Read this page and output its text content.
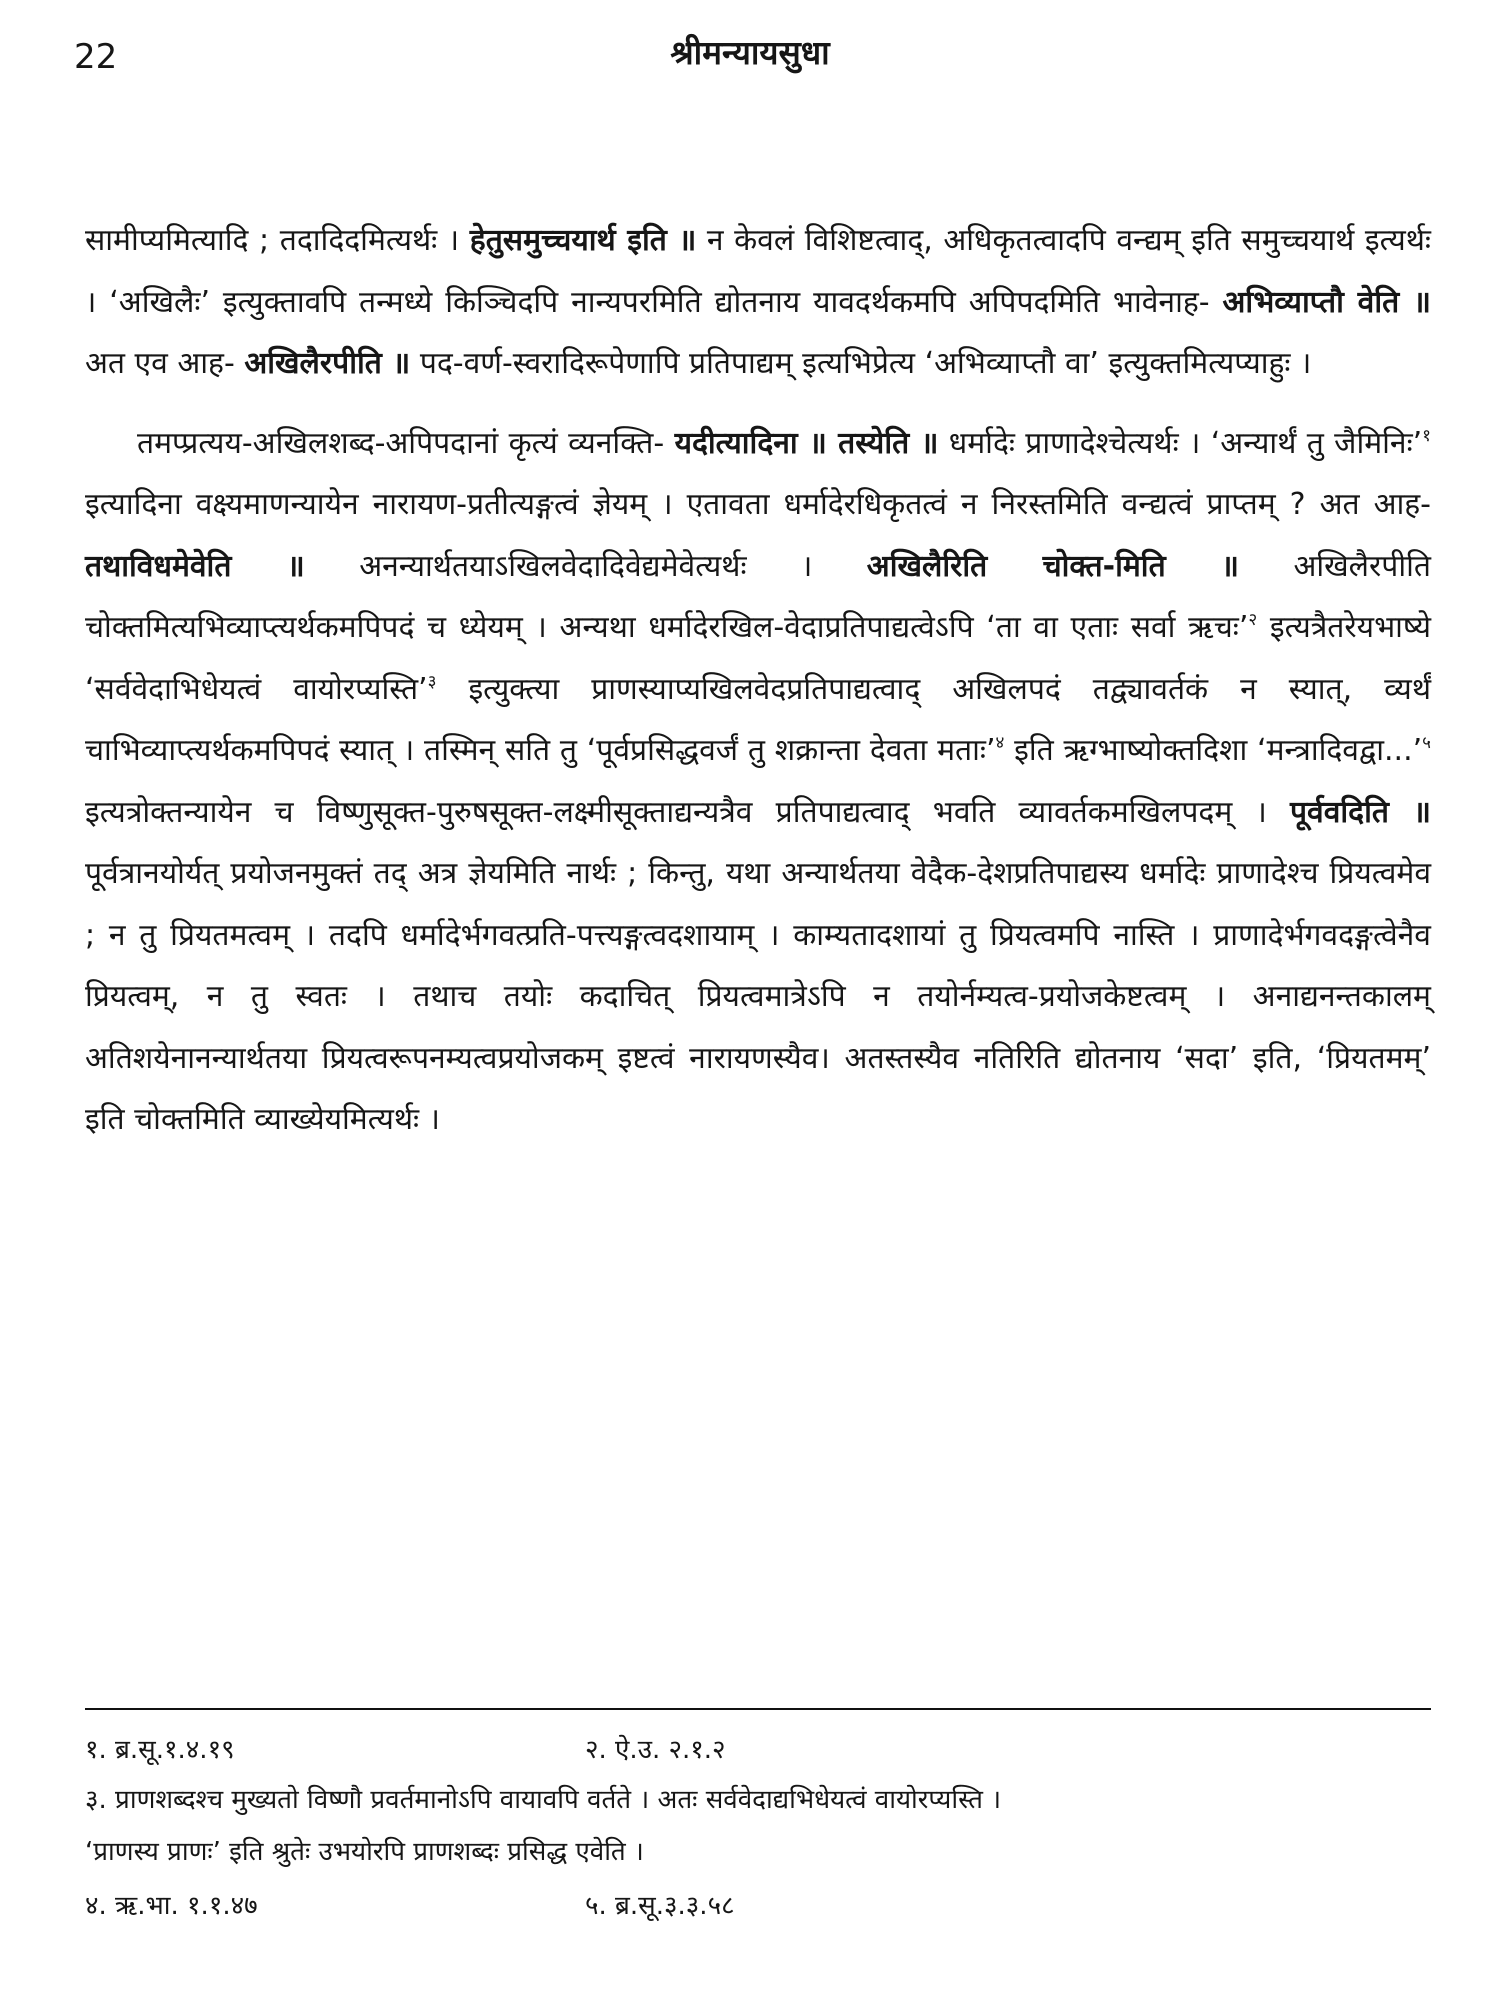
22	श्रीमन्यायसुधा

सामीप्यमित्यादि ; तदादिदमित्यर्थः । हेतुसमुच्चयार्थ इति ॥ न केवलं विशिष्टत्वाद्, अधिकृतत्वादपि वन्द्यम् इति समुच्चयार्थ इत्यर्थः । ‘अखिलैः’ इत्युक्तावपि तन्मध्ये किञ्चिदपि नान्यपरमिति द्योतनाय यावदर्थकमपि अपिपदमिति भावेनाह- अभिव्याप्तौ वेति ॥ अत एव आह- अखिलैरपीति ॥ पद-वर्ण-स्वरादिरूपेणापि प्रतिपाद्यम् इत्यभिप्रेत्य ‘अभिव्याप्तौ वा’ इत्युक्तमित्यप्याहुः ।

तमप्प्रत्यय-अखिलशब्द-अपिपदानां कृत्यं व्यनक्ति- यदीत्यादिना ॥ तस्येति ॥ धर्मादेः प्राणादेश्चेत्यर्थः । ‘अन्यार्थं तु जैमिनिः’$^१$ इत्यादिना वक्ष्यमाणन्यायेन नारायण-प्रतीत्यङ्गत्वं ज्ञेयम् । एतावता धर्मादेरधिकृतत्वं न निरस्तमिति वन्द्यत्वं प्राप्तम् ? अत आह- तथाविधमेवेति ॥ अनन्यार्थतयाऽखिलवेदादिवेद्यमेवेत्यर्थः । अखिलैरिति चोक्त-मिति ॥ अखिलैरपीति चोक्तमित्यभिव्याप्त्यर्थकमपिपदं च ध्येयम् । अन्यथा धर्मादेरखिल-वेदाप्रतिपाद्यत्वेऽपि ‘ता वा एताः सर्वा ऋचः’$^२$ इत्यत्रैतरेयभाष्ये ‘सर्ववेदाभिधेयत्वं वायोरप्यस्ति’$^३$ इत्युक्त्या प्राणस्याप्यखिलवेदप्रतिपाद्यत्वाद् अखिलपदं तद्व्यावर्तकं न स्यात्, व्यर्थं चाभिव्याप्त्यर्थकमपिपदं स्यात् । तस्मिन् सति तु ‘पूर्वप्रसिद्धवर्जं तु शक्रान्ता देवता मताः’$^४$ इति ऋग्भाष्योक्तदिशा ‘मन्त्रादिवद्वा...’$^५$ इत्यत्रोक्तन्यायेन च विष्णुसूक्त-पुरुषसूक्त-लक्ष्मीसूक्ताद्यन्यत्रैव प्रतिपाद्यत्वाद् भवति व्यावर्तकमखिलपदम् । पूर्ववदिति ॥ पूर्वत्रानयोर्यत् प्रयोजनमुक्तं तद् अत्र ज्ञेयमिति नार्थः ; किन्तु, यथा अन्यार्थतया वेदैक-देशप्रतिपाद्यस्य धर्मादेः प्राणादेश्च प्रियत्वमेव ; न तु प्रियतमत्वम् । तदपि धर्मादेर्भगवत्प्रति-पत्त्यङ्गत्वदशायाम् । काम्यतादशायां तु प्रियत्वमपि नास्ति । प्राणादेर्भगवदङ्गत्वेनैव प्रियत्वम्, न तु स्वतः । तथाच तयोः कदाचित् प्रियत्वमात्रेऽपि न तयोर्नम्यत्व-प्रयोजकेष्टत्वम् । अनाद्यनन्तकालम् अतिशयेनानन्यार्थतया प्रियत्वरूपनम्यत्वप्रयोजकम् इष्टत्वं नारायणस्यैव। अतस्तस्यैव नतिरिति द्योतनाय ‘सदा’ इति, ‘प्रियतमम्’ इति चोक्तमिति व्याख्येयमित्यर्थः ।

१. ब्र.सू.१.४.१९	२. ऐ.उ. २.१.२
३. प्राणशब्दश्च मुख्यतो विष्णौ प्रवर्तमानोऽपि वायावपि वर्तते । अतः सर्ववेदाद्यभिधेयत्वं वायोरप्यस्ति ।
‘प्राणस्य प्राणः’ इति श्रुतेः उभयोरपि प्राणशब्दः प्रसिद्ध एवेति ।
४. ऋ.भा. १.१.४७	५. ब्र.सू.३.३.५८
